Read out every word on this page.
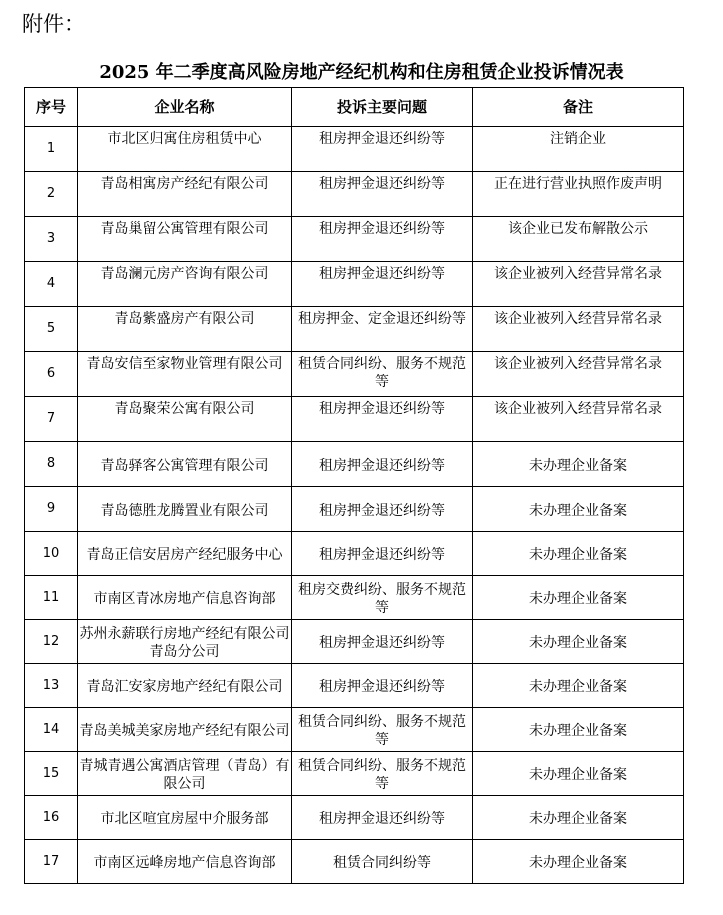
附件：
2025 年二季度高风险房地产经纪机构和住房租赁企业投诉情况表
序号	企业名称	投诉主要问题	备注
1	市北区归寓住房租赁中心	租房押金退还纠纷等	注销企业
2	青岛相寓房产经纪有限公司	租房押金退还纠纷等	正在进行营业执照作废声明
3	青岛巢留公寓管理有限公司	租房押金退还纠纷等	该企业已发布解散公示
4	青岛澜元房产咨询有限公司	租房押金退还纠纷等	该企业被列入经营异常名录
5	青岛紫盛房产有限公司	租房押金、定金退还纠纷等	该企业被列入经营异常名录
6	青岛安信至家物业管理有限公司	租赁合同纠纷、服务不规范等	该企业被列入经营异常名录
7	青岛聚荣公寓有限公司	租房押金退还纠纷等	该企业被列入经营异常名录
8	青岛驿客公寓管理有限公司	租房押金退还纠纷等	未办理企业备案
9	青岛德胜龙腾置业有限公司	租房押金退还纠纷等	未办理企业备案
10	青岛正信安居房产经纪服务中心	租房押金退还纠纷等	未办理企业备案
11	市南区青冰房地产信息咨询部	租房交费纠纷、服务不规范等	未办理企业备案
12	苏州永薪联行房地产经纪有限公司青岛分公司	租房押金退还纠纷等	未办理企业备案
13	青岛汇安家房地产经纪有限公司	租房押金退还纠纷等	未办理企业备案
14	青岛美城美家房地产经纪有限公司	租赁合同纠纷、服务不规范等	未办理企业备案
15	青城青遇公寓酒店管理（青岛）有限公司	租赁合同纠纷、服务不规范等	未办理企业备案
16	市北区喧宜房屋中介服务部	租房押金退还纠纷等	未办理企业备案
17	市南区远峰房地产信息咨询部	租赁合同纠纷等	未办理企业备案
